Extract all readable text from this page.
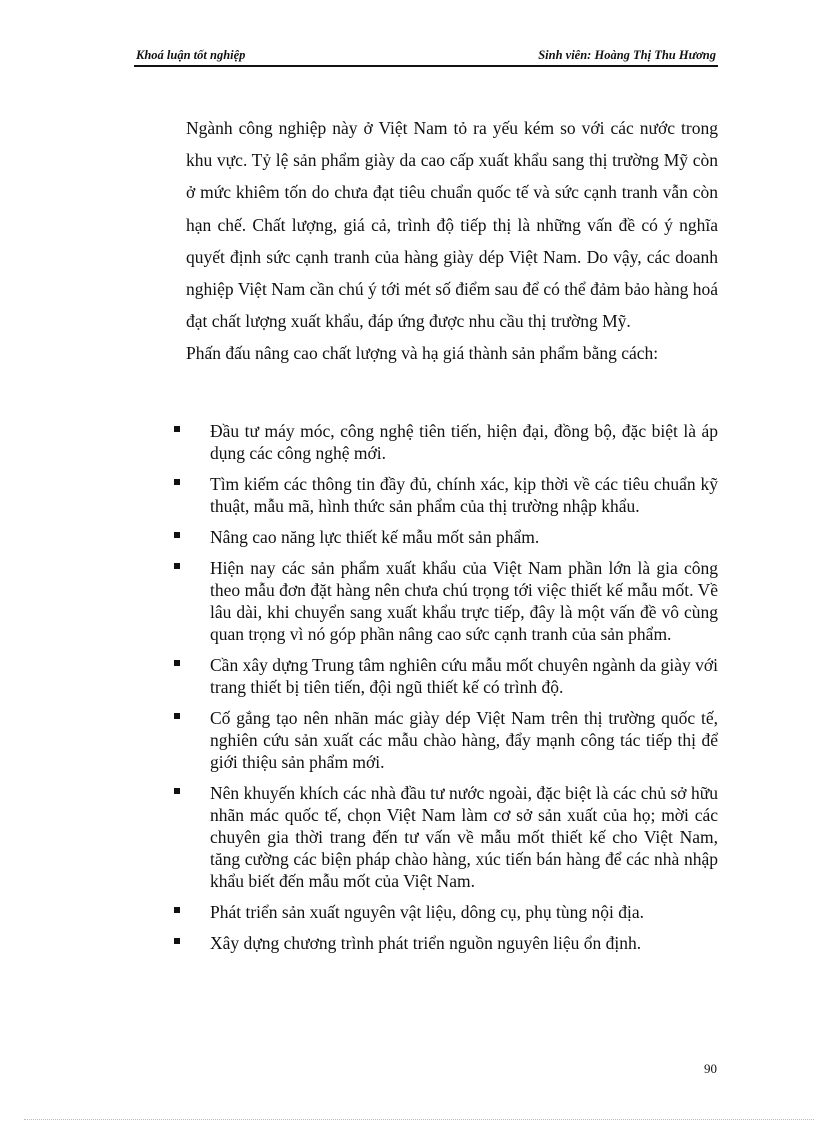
Khoá luận tốt nghiệp	Sinh viên: Hoàng Thị Thu Hương

Ngành công nghiệp này ở Việt Nam tỏ ra yếu kém so với các nước trong khu vực. Tỷ lệ sản phẩm giày da cao cấp xuất khẩu sang thị trường Mỹ còn ở mức khiêm tốn do chưa đạt tiêu chuẩn quốc tế và sức cạnh tranh vẫn còn hạn chế. Chất lượng, giá cả, trình độ tiếp thị là những vấn đề có ý nghĩa quyết định sức cạnh tranh của hàng giày dép Việt Nam. Do vậy, các doanh nghiệp Việt Nam cần chú ý tới mét số điểm sau để có thể đảm bảo hàng hoá đạt chất lượng xuất khẩu, đáp ứng được nhu cầu thị trường Mỹ.

Phấn đấu nâng cao chất lượng và hạ giá thành sản phẩm bằng cách:

Đầu tư máy móc, công nghệ tiên tiến, hiện đại, đồng bộ, đặc biệt là áp dụng các công nghệ mới.
Tìm kiếm các thông tin đầy đủ, chính xác, kịp thời về các tiêu chuẩn kỹ thuật, mẫu mã, hình thức sản phẩm của thị trường nhập khẩu.
Nâng cao năng lực thiết kế mẫu mốt sản phẩm.
Hiện nay các sản phẩm xuất khẩu của Việt Nam phần lớn là gia công theo mẫu đơn đặt hàng nên chưa chú trọng tới việc thiết kế mẫu mốt. Về lâu dài, khi chuyển sang xuất khẩu trực tiếp, đây là một vấn đề vô cùng quan trọng vì nó góp phần nâng cao sức cạnh tranh của sản phẩm.
Cần xây dựng Trung tâm nghiên cứu mẫu mốt chuyên ngành da giày với trang thiết bị tiên tiến, đội ngũ thiết kế có trình độ.
Cố gắng tạo nên nhãn mác giày dép Việt Nam trên thị trường quốc tế, nghiên cứu sản xuất các mẫu chào hàng, đẩy mạnh công tác tiếp thị để giới thiệu sản phẩm mới.
Nên khuyến khích các nhà đầu tư nước ngoài, đặc biệt là các chủ sở hữu nhãn mác quốc tế, chọn Việt Nam làm cơ sở sản xuất của họ; mời các chuyên gia thời trang đến tư vấn về mẫu mốt thiết kế cho Việt Nam, tăng cường các biện pháp chào hàng, xúc tiến bán hàng để các nhà nhập khẩu biết đến mẫu mốt của Việt Nam.
Phát triển sản xuất nguyên vật liệu, dông cụ, phụ tùng nội địa.
Xây dựng chương trình phát triển nguồn nguyên liệu ổn định.
90
